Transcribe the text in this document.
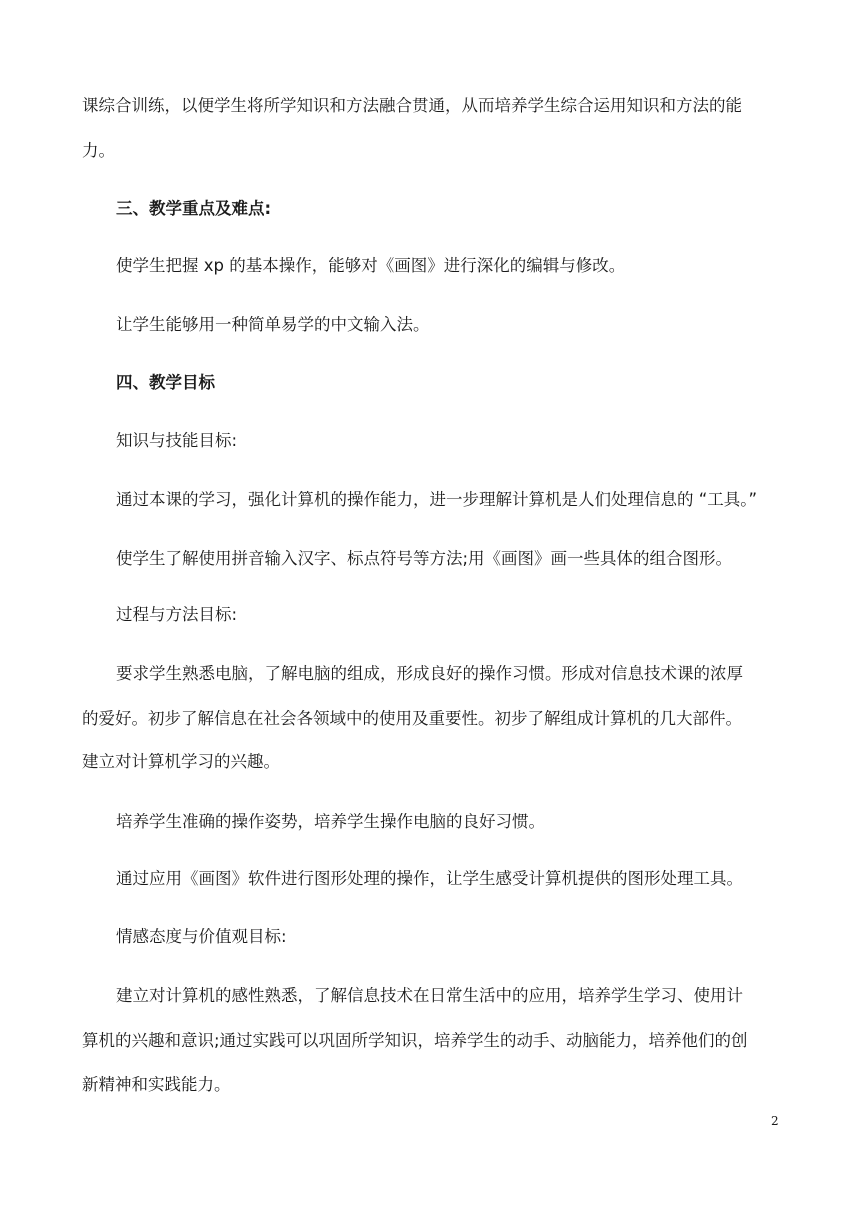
课综合训练，以便学生将所学知识和方法融合贯通，从而培养学生综合运用知识和方法的能
力。
三、教学重点及难点:
使学生把握 xp 的基本操作，能够对《画图》进行深化的编辑与修改。
让学生能够用一种简单易学的中文输入法。
四、教学目标
知识与技能目标:
通过本课的学习，强化计算机的操作能力，进一步理解计算机是人们处理信息的 “工具。”
使学生了解使用拼音输入汉字、标点符号等方法;用《画图》画一些具体的组合图形。
过程与方法目标:
要求学生熟悉电脑，了解电脑的组成，形成良好的操作习惯。形成对信息技术课的浓厚
的爱好。初步了解信息在社会各领域中的使用及重要性。初步了解组成计算机的几大部件。
建立对计算机学习的兴趣。
培养学生准确的操作姿势，培养学生操作电脑的良好习惯。
通过应用《画图》软件进行图形处理的操作，让学生感受计算机提供的图形处理工具。
情感态度与价值观目标:
建立对计算机的感性熟悉，了解信息技术在日常生活中的应用，培养学生学习、使用计
算机的兴趣和意识;通过实践可以巩固所学知识，培养学生的动手、动脑能力，培养他们的创
新精神和实践能力。
2
